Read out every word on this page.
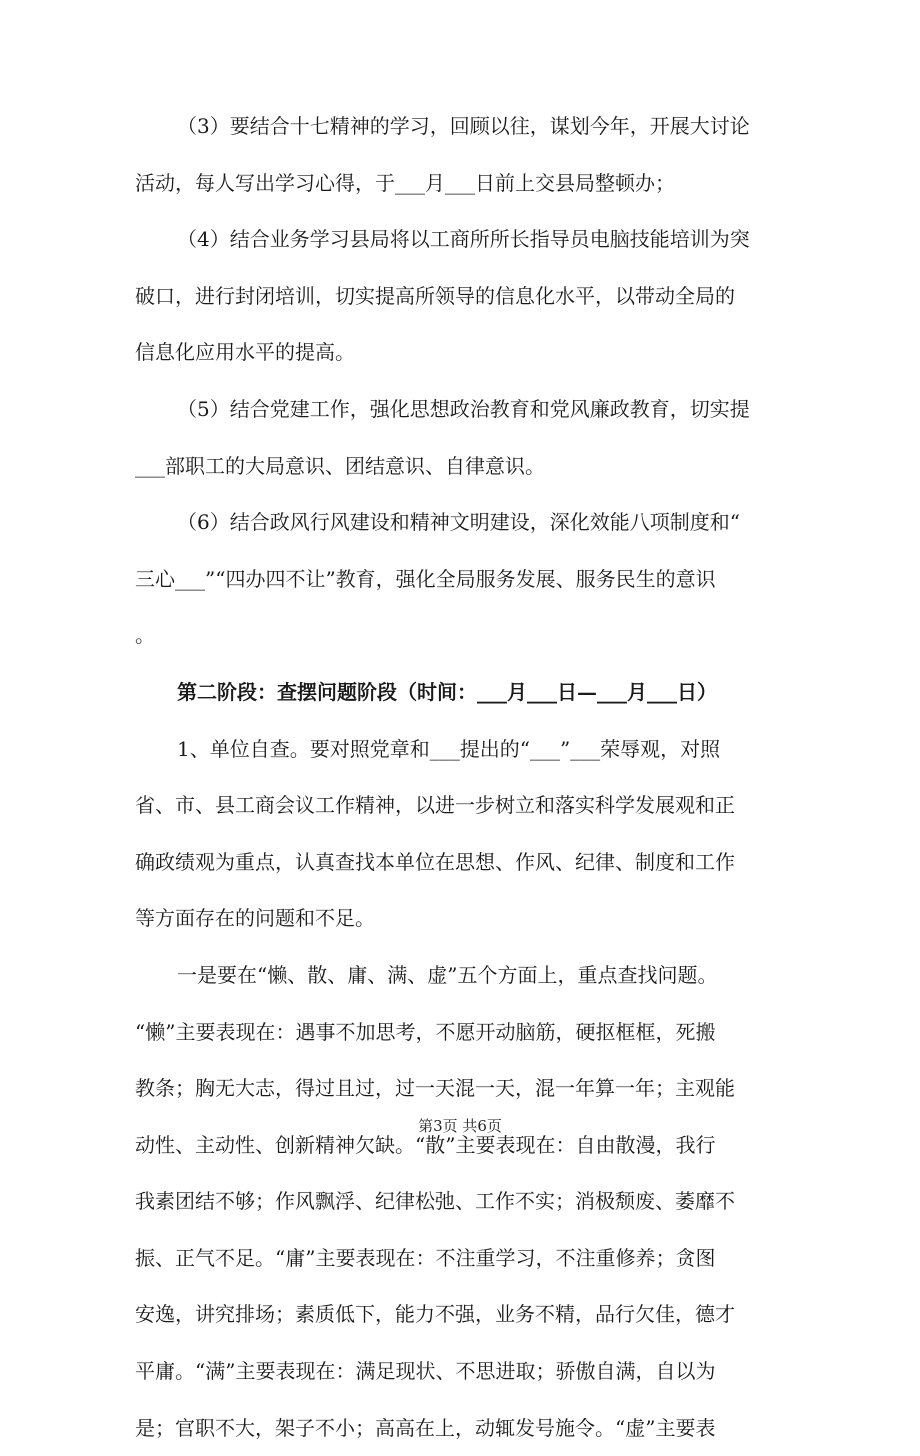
（3）要结合十七精神的学习，回顾以往，谋划今年，开展大讨论
活动，每人写出学习心得，于___月___日前上交县局整顿办；
（4）结合业务学习县局将以工商所所长指导员电脑技能培训为突
破口，进行封闭培训，切实提高所领导的信息化水平，以带动全局的
信息化应用水平的提高。
（5）结合党建工作，强化思想政治教育和党风廉政教育，切实提
___部职工的大局意识、团结意识、自律意识。
（6）结合政风行风建设和精神文明建设，深化效能八项制度和“
三心___”“四办四不让”教育，强化全局服务发展、服务民生的意识
。
第二阶段：查摆问题阶段（时间：___月___日—___月___日）
1、单位自查。要对照党章和___提出的“___”___荣辱观，对照
省、市、县工商会议工作精神，以进一步树立和落实科学发展观和正
确政绩观为重点，认真查找本单位在思想、作风、纪律、制度和工作
等方面存在的问题和不足。
一是要在“懒、散、庸、满、虚”五个方面上，重点查找问题。
“懒”主要表现在：遇事不加思考，不愿开动脑筋，硬抠框框，死搬
教条；胸无大志，得过且过，过一天混一天，混一年算一年；主观能
动性、主动性、创新精神欠缺。“散”主要表现在：自由散漫，我行
我素团结不够；作风飘浮、纪律松弛、工作不实；消极颓废、萎靡不
振、正气不足。“庸”主要表现在：不注重学习，不注重修养；贪图
安逸，讲究排场；素质低下，能力不强，业务不精，品行欠佳，德才
平庸。“满”主要表现在：满足现状、不思进取；骄傲自满，自以为
是；官职不大，架子不小；高高在上，动辄发号施令。“虚”主要表
第3页 共6页
